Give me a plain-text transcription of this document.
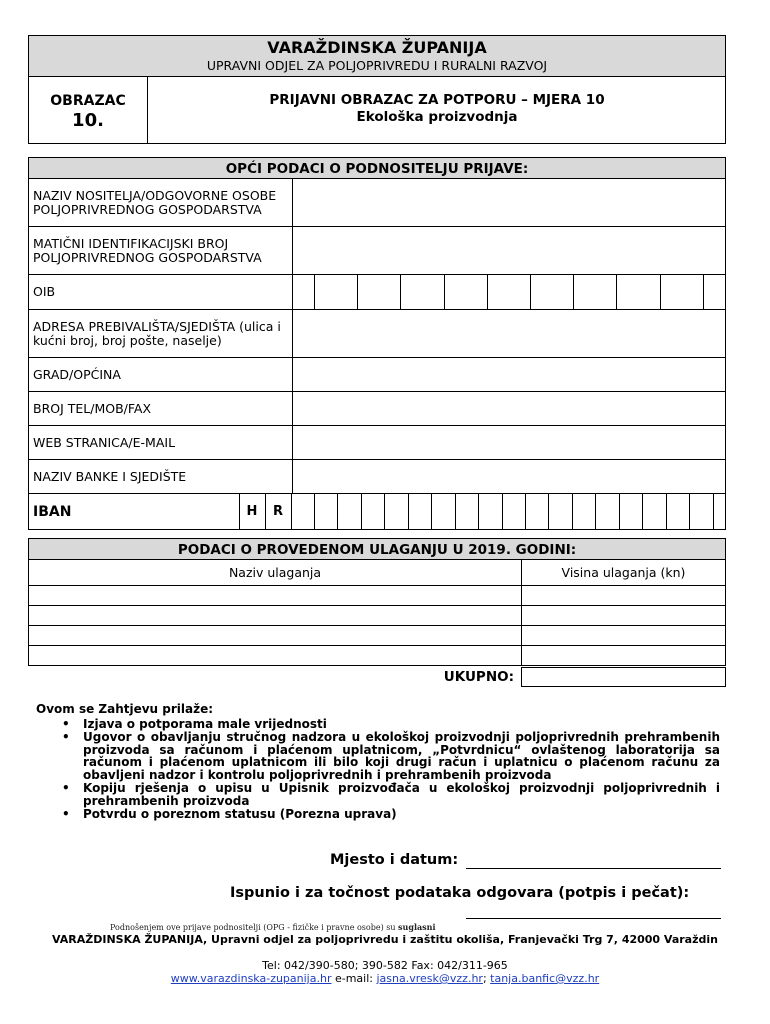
VARAŽDINSKA ŽUPANIJA
UPRAVNI ODJEL ZA POLJOPRIVREDU I RURALNI RAZVOJ
OBRAZAC
10.
PRIJAVNI OBRAZAC ZA POTPORU – MJERA 10
Ekološka proizvodnja
OPĆI PODACI O PODNOSITELJU PRIJAVE:
NAZIV NOSITELJA/ODGOVORNE OSOBE POLJOPRIVREDNOG GOSPODARSTVA	
MATIČNI IDENTIFIKACIJSKI BROJ POLJOPRIVREDNOG GOSPODARSTVA	
OIB	

ADRESA PREBIVALIŠTA/SJEDIŠTA (ulica i kućni broj, broj pošte, naselje)	
GRAD/OPĆINA	
BROJ TEL/MOB/FAX	
WEB STRANICA/E-MAIL	
NAZIV BANKE I SJEDIŠTE	

IBAN	H	R																			
PODACI O PROVEDENOM ULAGANJU U 2019. GODINI:
Naziv ulaganja	Visina ulaganja (kn)

UKUPNO:
Ovom se Zahtjevu prilaže:
• Izjava o potporama male vrijednosti
• Ugovor o obavljanju stručnog nadzora u ekološkoj proizvodnji poljoprivrednih prehrambenih proizvoda sa računom i plaćenom uplatnicom, „Potvrdnicu“ ovlaštenog laboratorija sa računom i plaćenom uplatnicom ili bilo koji drugi račun i uplatnicu o plaćenom računu za obavljeni nadzor i kontrolu poljoprivrednih i prehrambenih proizvoda
• Kopiju rješenja o upisu u Upisnik proizvođača u ekološkoj proizvodnji poljoprivrednih i prehrambenih proizvoda
• Potvrdu o poreznom statusu (Porezna uprava)
Mjesto i datum:
Ispunio i za točnost podataka odgovara (potpis i pečat):
Podnošenjem ove prijave podnositelji (OPG - fizičke i pravne osobe) su suglasni
VARAŽDINSKA ŽUPANIJA, Upravni odjel za poljoprivredu i zaštitu okoliša, Franjevački Trg 7, 42000 Varaždin
Tel: 042/390-580; 390-582 Fax: 042/311-965
www.varazdinska-zupanija.hr e-mail: jasna.vresk@vzz.hr; tanja.banfic@vzz.hr
